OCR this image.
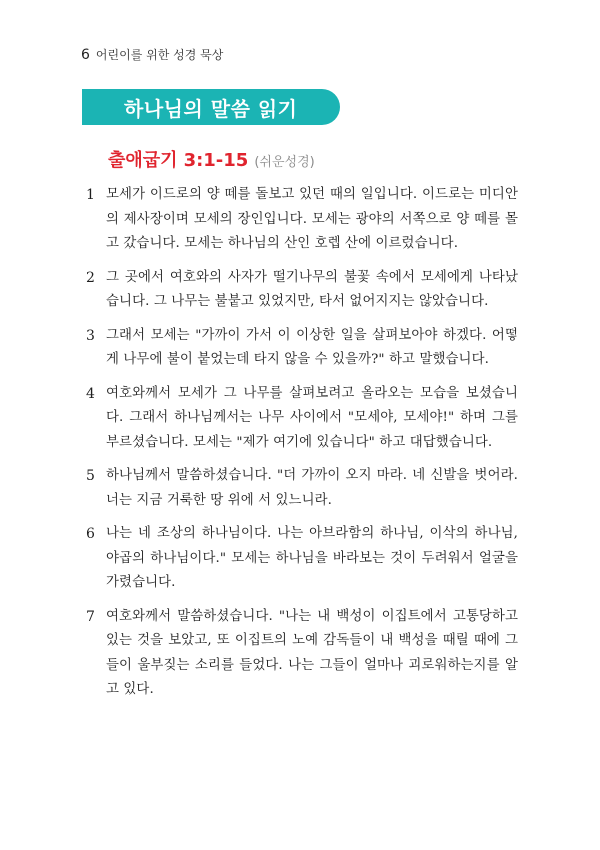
6 어린이를 위한 성경 묵상
하나님의 말씀 읽기
출애굽기 3:1-15 (쉬운성경)
1 모세가 이드로의 양 떼를 돌보고 있던 때의 일입니다. 이드로는 미디안의 제사장이며 모세의 장인입니다. 모세는 광야의 서쪽으로 양 떼를 몰고 갔습니다. 모세는 하나님의 산인 호렙 산에 이르렀습니다.
2 그 곳에서 여호와의 사자가 떨기나무의 불꽃 속에서 모세에게 나타났습니다. 그 나무는 불붙고 있었지만, 타서 없어지지는 않았습니다.
3 그래서 모세는 "가까이 가서 이 이상한 일을 살펴보아야 하겠다. 어떻게 나무에 불이 붙었는데 타지 않을 수 있을까?" 하고 말했습니다.
4 여호와께서 모세가 그 나무를 살펴보려고 올라오는 모습을 보셨습니다. 그래서 하나님께서는 나무 사이에서 "모세야, 모세야!" 하며 그를 부르셨습니다. 모세는 "제가 여기에 있습니다" 하고 대답했습니다.
5 하나님께서 말씀하셨습니다. "더 가까이 오지 마라. 네 신발을 벗어라. 너는 지금 거룩한 땅 위에 서 있느니라.
6 나는 네 조상의 하나님이다. 나는 아브라함의 하나님, 이삭의 하나님, 야곱의 하나님이다." 모세는 하나님을 바라보는 것이 두려워서 얼굴을 가렸습니다.
7 여호와께서 말씀하셨습니다. "나는 내 백성이 이집트에서 고통당하고 있는 것을 보았고, 또 이집트의 노예 감독들이 내 백성을 때릴 때에 그들이 울부짖는 소리를 들었다. 나는 그들이 얼마나 괴로워하는지를 알고 있다.
